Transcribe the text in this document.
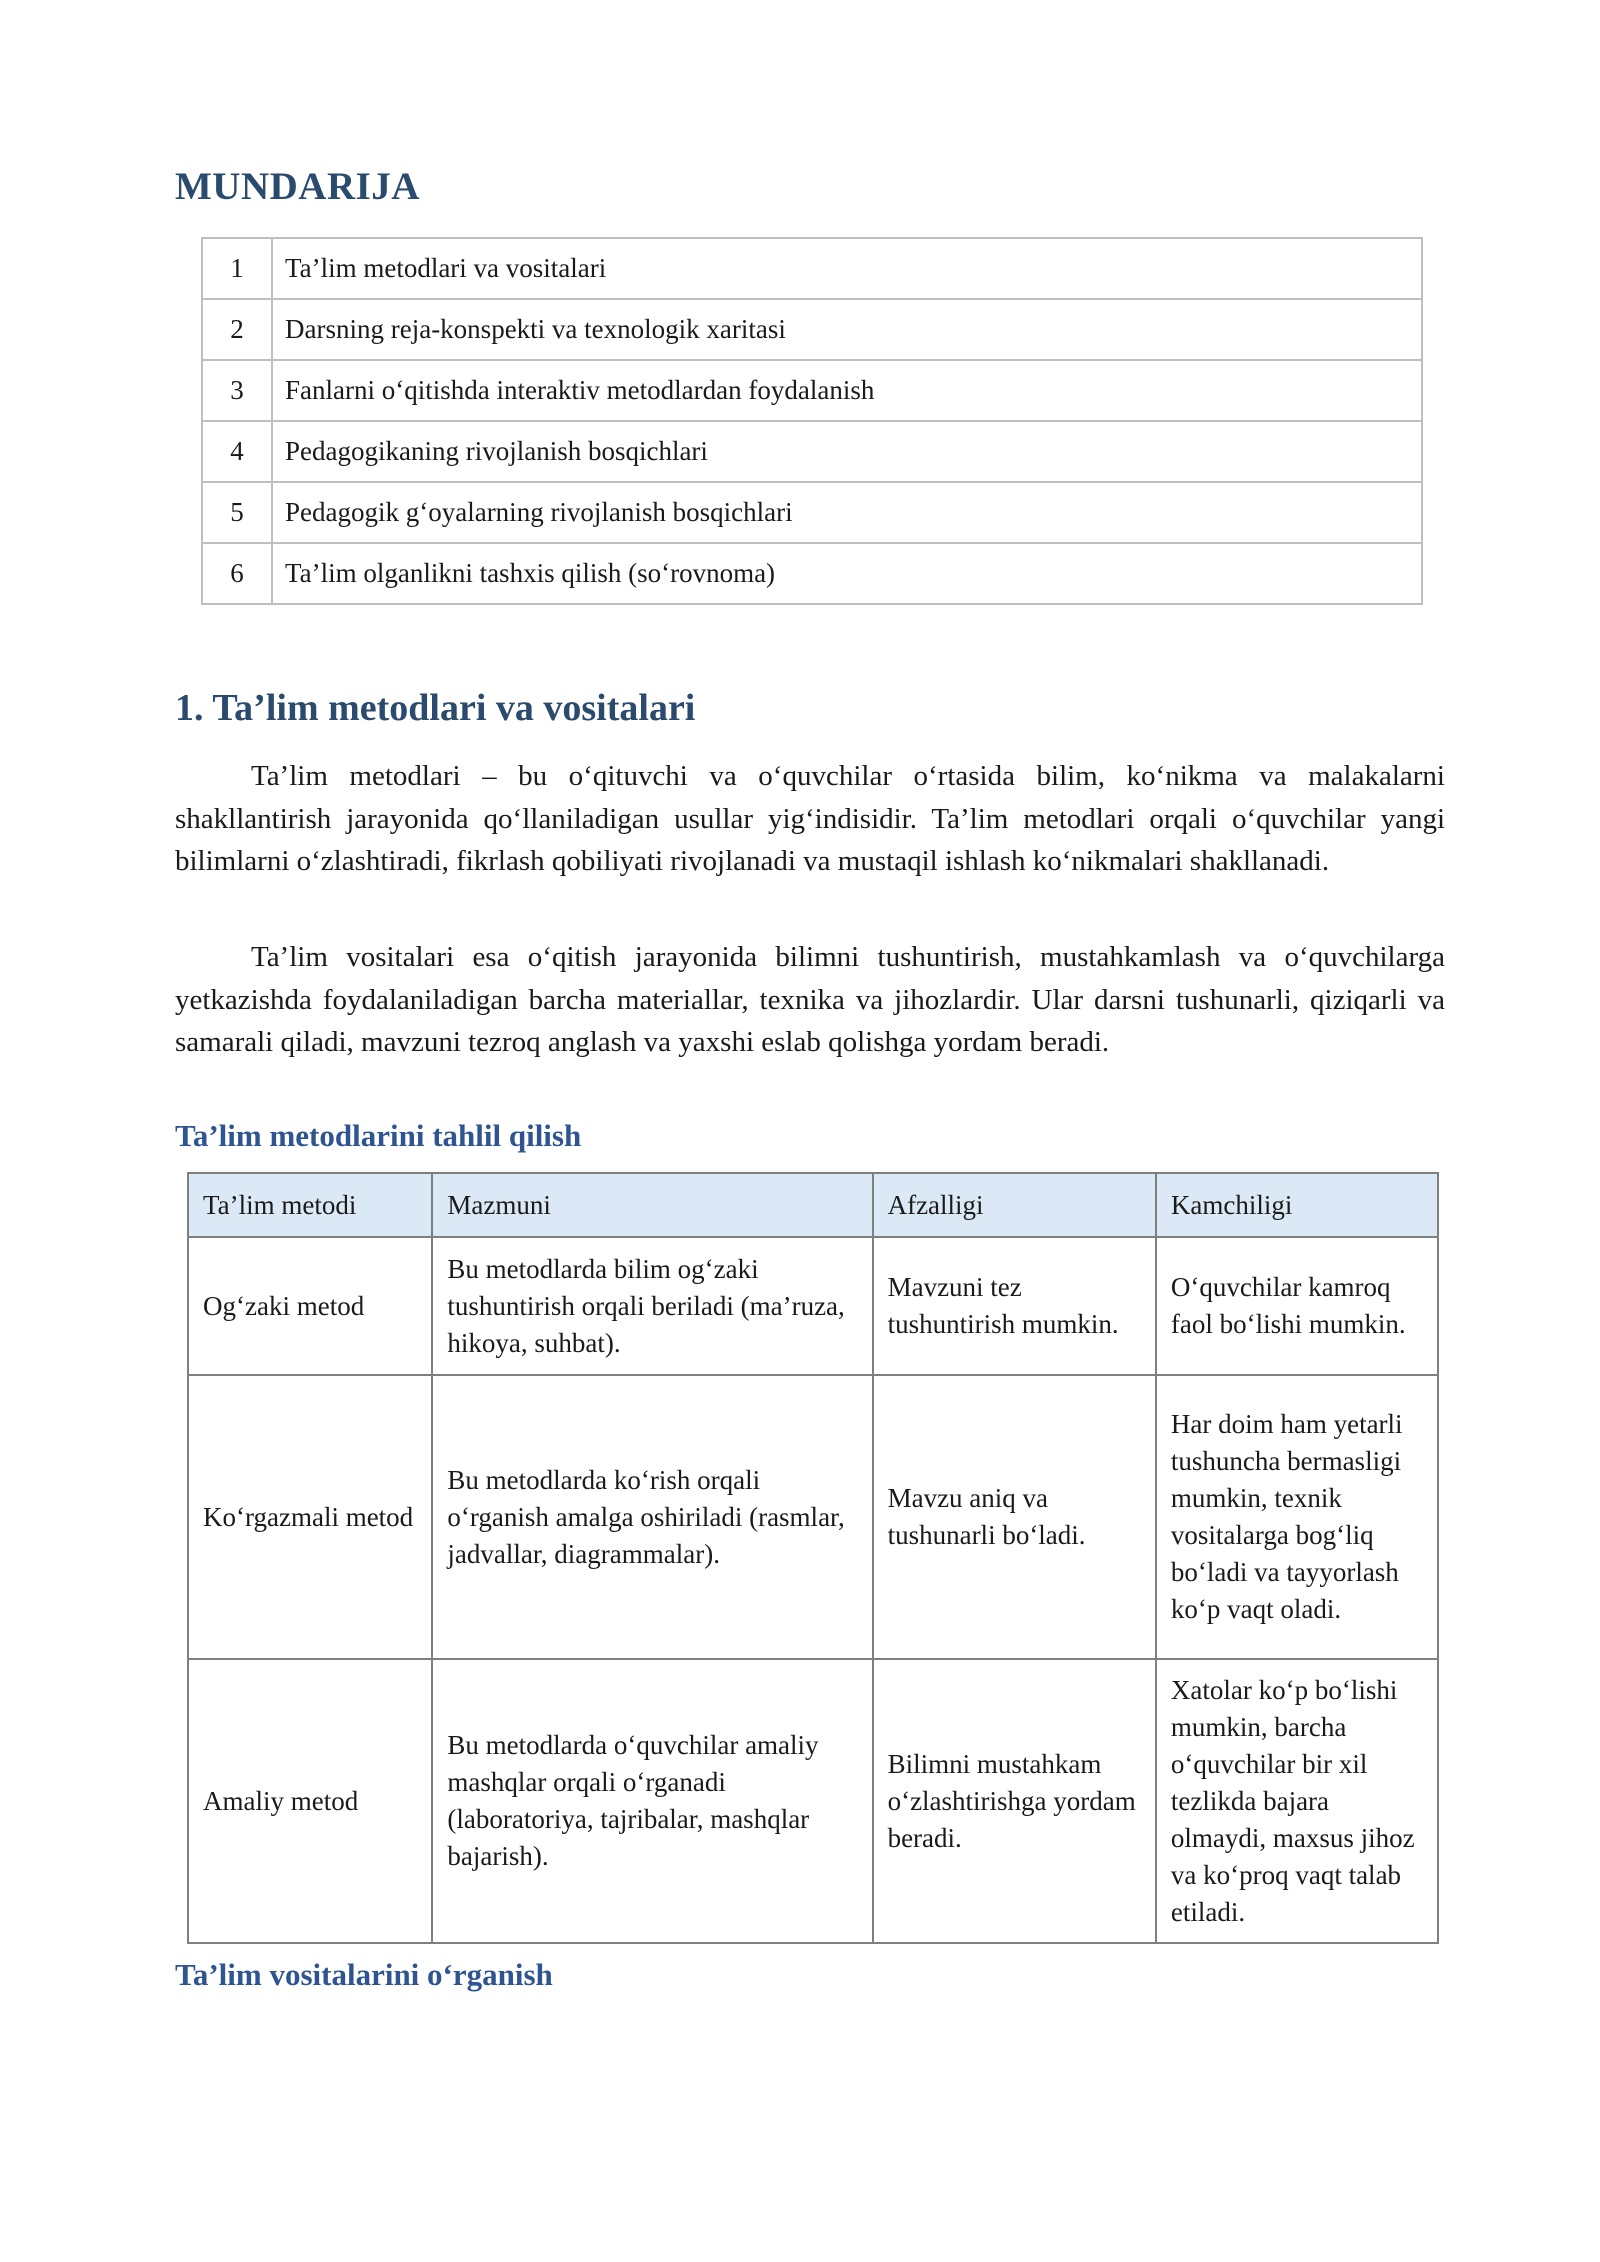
MUNDARIJA
1	Ta’lim metodlari va vositalari
2	Darsning reja-konspekti va texnologik xaritasi
3	Fanlarni o‘qitishda interaktiv metodlardan foydalanish
4	Pedagogikaning rivojlanish bosqichlari
5	Pedagogik g‘oyalarning rivojlanish bosqichlari
6	Ta’lim olganlikni tashxis qilish (so‘rovnoma)
1. Ta’lim metodlari va vositalari

Ta’lim metodlari – bu o‘qituvchi va o‘quvchilar o‘rtasida bilim, ko‘nikma va malakalarni shakllantirish jarayonida qo‘llaniladigan usullar yig‘indisidir. Ta’lim metodlari orqali o‘quvchilar yangi bilimlarni o‘zlashtiradi, fikrlash qobiliyati rivojlanadi va mustaqil ishlash ko‘nikmalari shakllanadi.

Ta’lim vositalari esa o‘qitish jarayonida bilimni tushuntirish, mustahkamlash va o‘quvchilarga yetkazishda foydalaniladigan barcha materiallar, texnika va jihozlardir. Ular darsni tushunarli, qiziqarli va samarali qiladi, mavzuni tezroq anglash va yaxshi eslab qolishga yordam beradi.

Ta’lim metodlarini tahlil qilish
Ta’lim metodi	Mazmuni	Afzalligi	Kamchiligi
Og‘zaki metod	Bu metodlarda bilim og‘zaki tushuntirish orqali beriladi (ma’ruza, hikoya, suhbat).	Mavzuni tez tushuntirish mumkin.	O‘quvchilar kamroq faol bo‘lishi mumkin.
Ko‘rgazmali metod	Bu metodlarda ko‘rish orqali o‘rganish amalga oshiriladi (rasmlar, jadvallar, diagrammalar).	Mavzu aniq va tushunarli bo‘ladi.	Har doim ham yetarli tushuncha bermasligi mumkin, texnik vositalarga bog‘liq bo‘ladi va tayyorlash ko‘p vaqt oladi.
Amaliy metod	Bu metodlarda o‘quvchilar amaliy mashqlar orqali o‘rganadi (laboratoriya, tajribalar, mashqlar bajarish).	Bilimni mustahkam o‘zlashtirishga yordam beradi.	Xatolar ko‘p bo‘lishi mumkin, barcha o‘quvchilar bir xil tezlikda bajara olmaydi, maxsus jihoz va ko‘proq vaqt talab etiladi.
Ta’lim vositalarini o‘rganish
